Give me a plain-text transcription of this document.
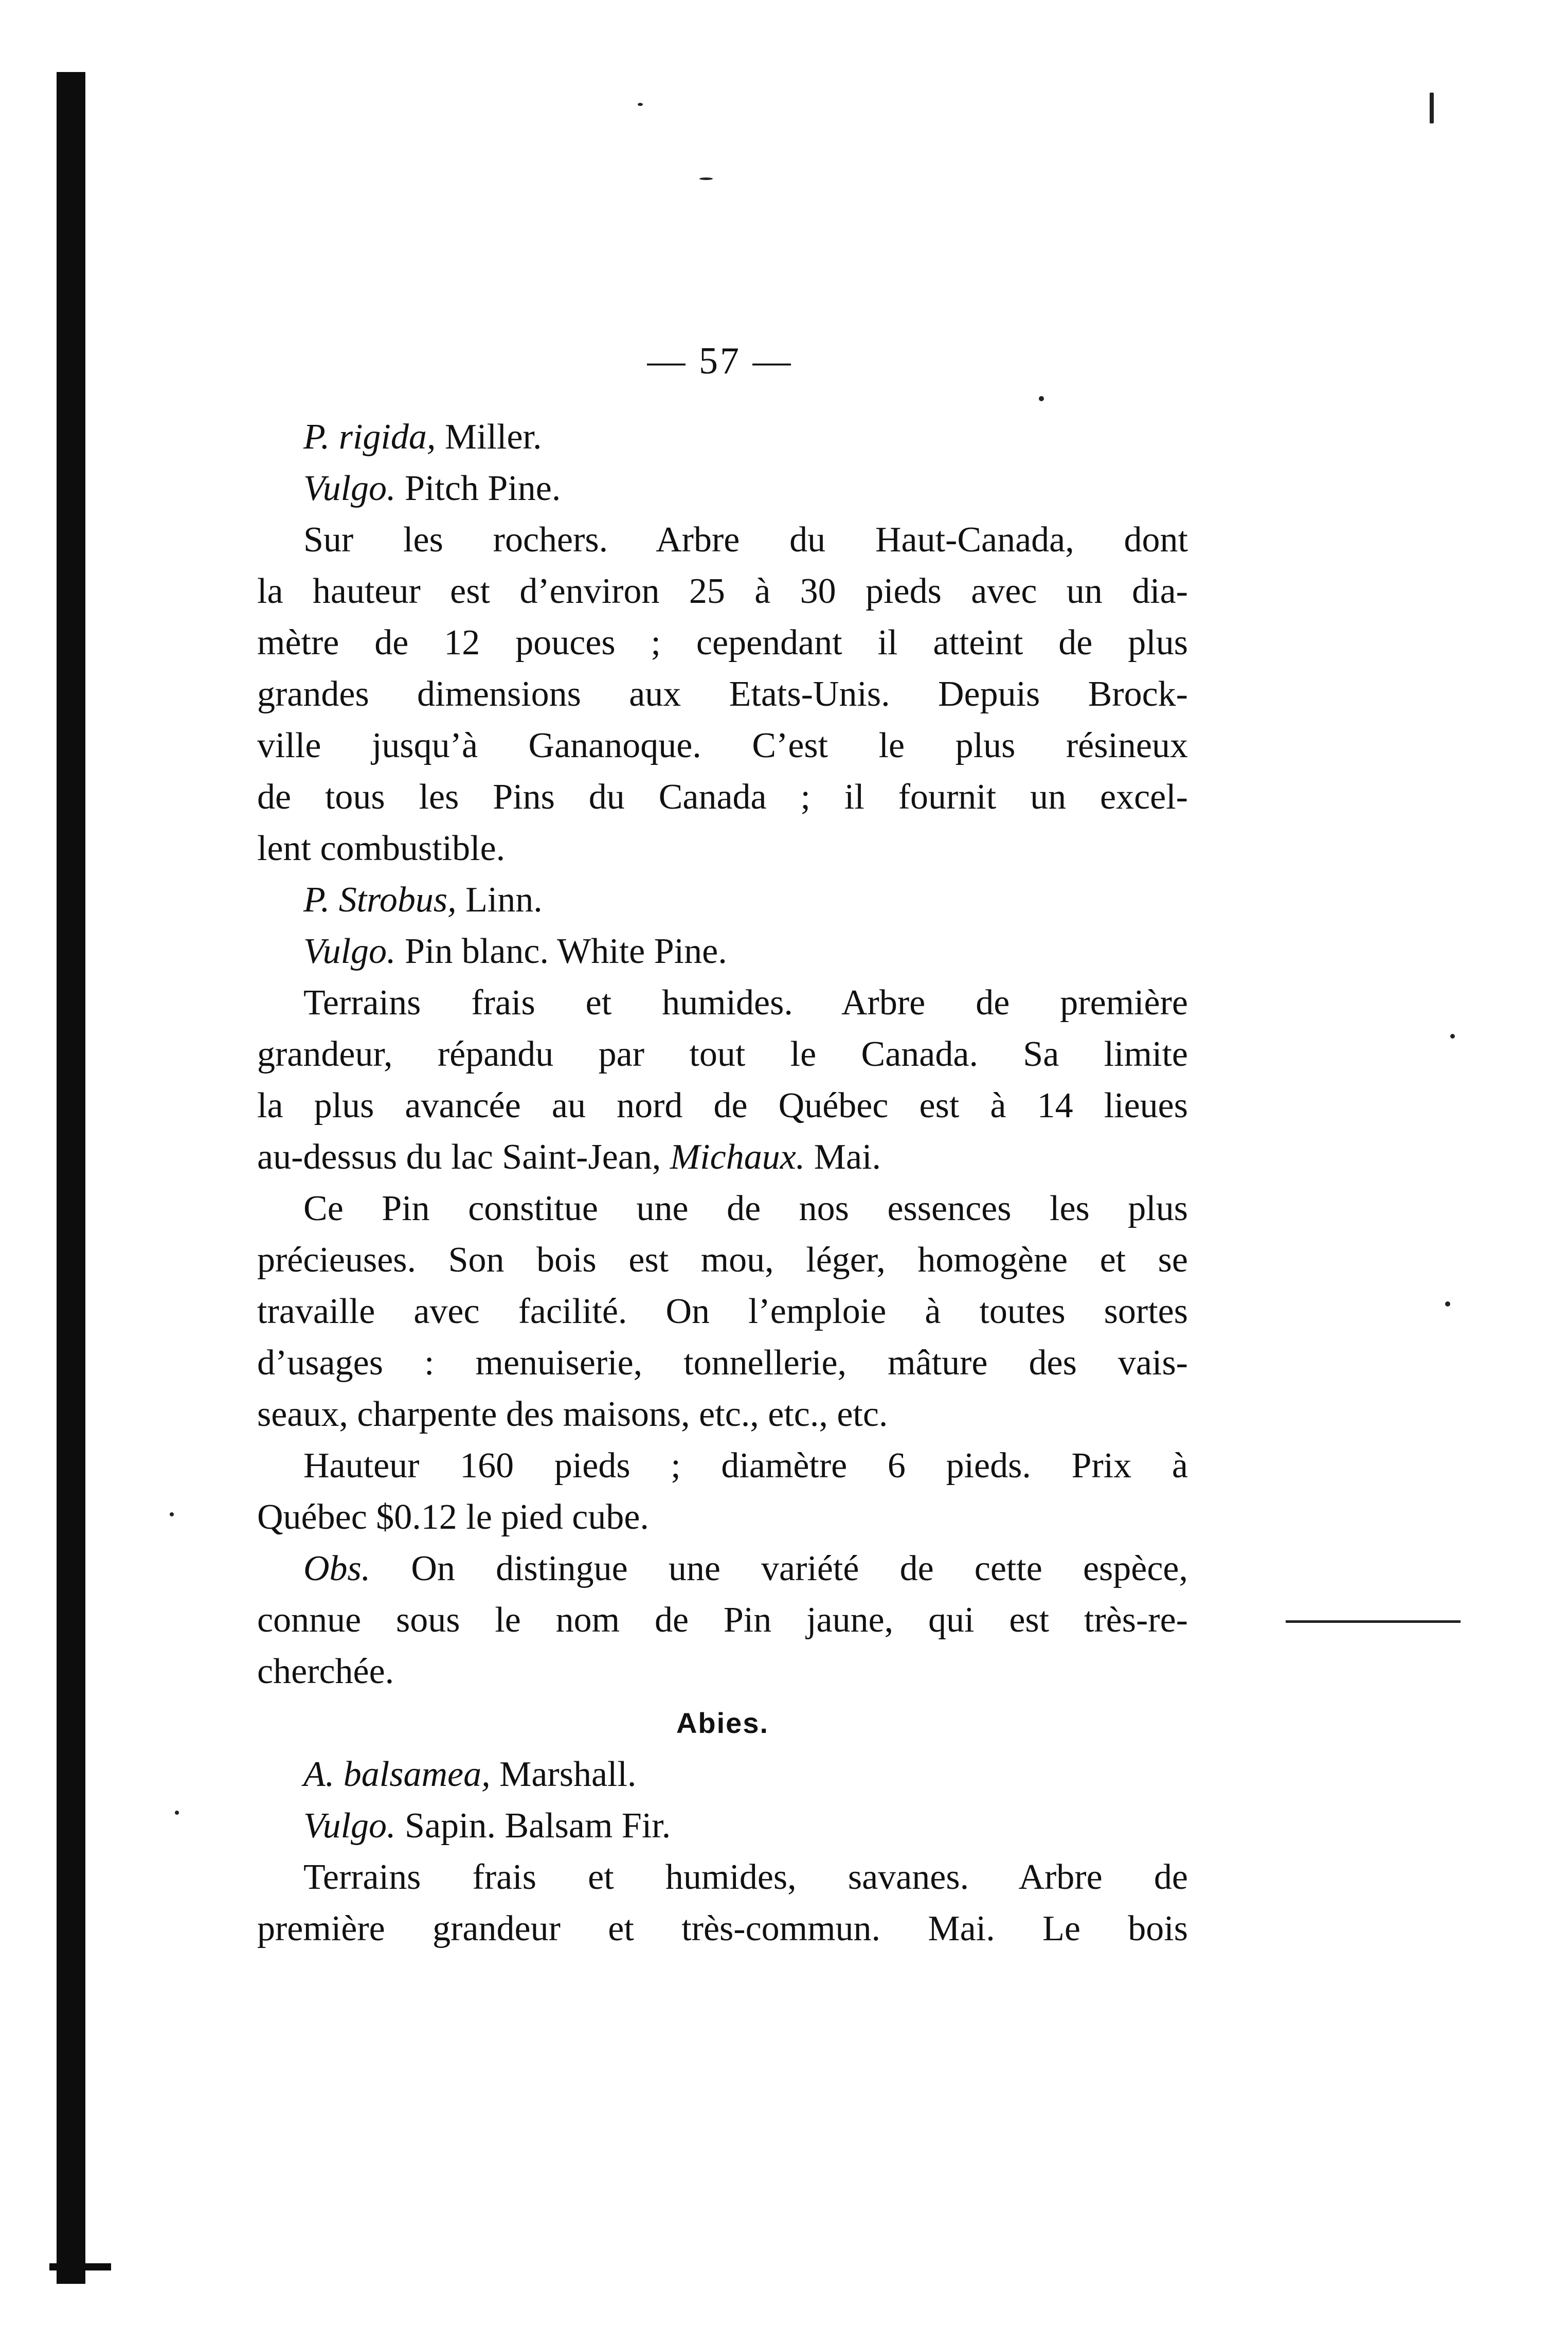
— 57 —
P. rigida, Miller.
Vulgo. Pitch Pine.
Sur les rochers. Arbre du Haut-Canada, dont
la hauteur est d’environ 25 à 30 pieds avec un dia-
mètre de 12 pouces ; cependant il atteint de plus
grandes dimensions aux Etats-Unis. Depuis Brock-
ville jusqu’à Gananoque. C’est le plus résineux
de tous les Pins du Canada ; il fournit un excel-
lent combustible.
P. Strobus, Linn.
Vulgo. Pin blanc. White Pine.
Terrains frais et humides. Arbre de première
grandeur, répandu par tout le Canada. Sa limite
la plus avancée au nord de Québec est à 14 lieues
au-dessus du lac Saint-Jean, Michaux. Mai.
Ce Pin constitue une de nos essences les plus
précieuses. Son bois est mou, léger, homogène et se
travaille avec facilité. On l’emploie à toutes sortes
d’usages : menuiserie, tonnellerie, mâture des vais-
seaux, charpente des maisons, etc., etc., etc.
Hauteur 160 pieds ; diamètre 6 pieds. Prix à
Québec $0.12 le pied cube.
Obs. On distingue une variété de cette espèce,
connue sous le nom de Pin jaune, qui est très-re-
cherchée.
Abies.
A. balsamea, Marshall.
Vulgo. Sapin. Balsam Fir.
Terrains frais et humides, savanes. Arbre de
première grandeur et très-commun. Mai. Le bois
